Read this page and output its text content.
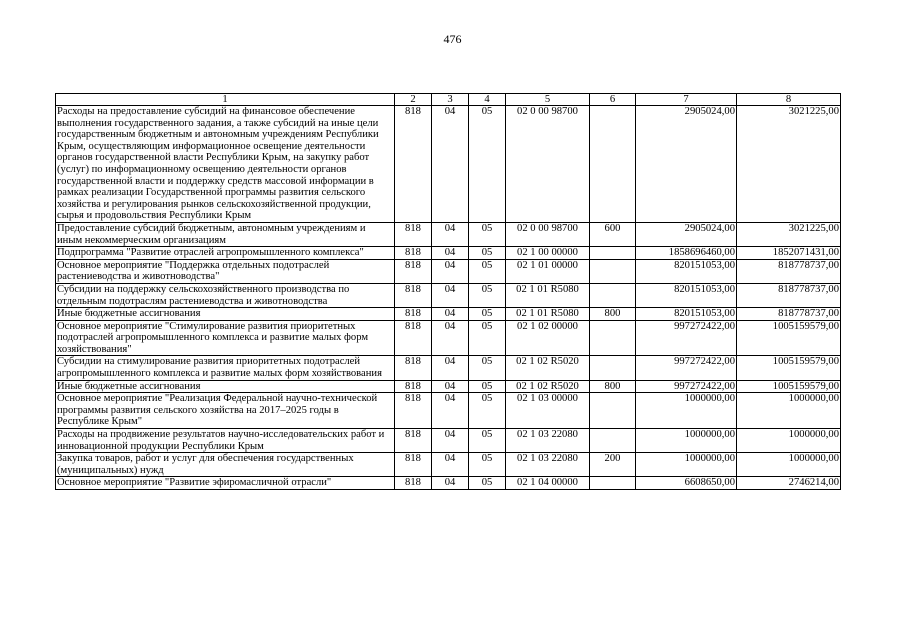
476
1	2	3	4	5	6	7	8
Расходы на предоставление субсидий на финансовое обеспечение выполнения государственного задания, а также субсидий на иные цели государственным бюджетным и автономным учреждениям Республики Крым, осуществляющим информационное освещение деятельности органов государственной власти Республики Крым, на закупку работ (услуг) по информационному освещению деятельности органов государственной власти и поддержку средств массовой информации в рамках реализации Государственной программы развития сельского хозяйства и регулирования рынков сельскохозяйственной продукции, сырья и продовольствия Республики Крым	818	04	05	02 0 00 98700		2905024,00	3021225,00
Предоставление субсидий бюджетным, автономным учреждениям и иным некоммерческим организациям	818	04	05	02 0 00 98700	600	2905024,00	3021225,00
Подпрограмма "Развитие отраслей агропромышленного комплекса"	818	04	05	02 1 00 00000		1858696460,00	1852071431,00
Основное мероприятие "Поддержка отдельных подотраслей растениеводства и животноводства"	818	04	05	02 1 01 00000		820151053,00	818778737,00
Субсидии на поддержку сельскохозяйственного производства по отдельным подотраслям растениеводства и животноводства	818	04	05	02 1 01 R5080		820151053,00	818778737,00
Иные бюджетные ассигнования	818	04	05	02 1 01 R5080	800	820151053,00	818778737,00
Основное мероприятие "Стимулирование развития приоритетных подотраслей агропромышленного комплекса и развитие малых форм хозяйствования"	818	04	05	02 1 02 00000		997272422,00	1005159579,00
Субсидии на стимулирование развития приоритетных подотраслей агропромышленного комплекса и развитие малых форм хозяйствования	818	04	05	02 1 02 R5020		997272422,00	1005159579,00
Иные бюджетные ассигнования	818	04	05	02 1 02 R5020	800	997272422,00	1005159579,00
Основное мероприятие "Реализация Федеральной научно-технической программы развития сельского хозяйства на 2017–2025 годы в Республике Крым"	818	04	05	02 1 03 00000		1000000,00	1000000,00
Расходы на продвижение результатов научно-исследовательских работ и инновационной продукции Республики Крым	818	04	05	02 1 03 22080		1000000,00	1000000,00
Закупка товаров, работ и услуг для обеспечения государственных (муниципальных) нужд	818	04	05	02 1 03 22080	200	1000000,00	1000000,00
Основное мероприятие "Развитие эфиромасличной отрасли"	818	04	05	02 1 04 00000		6608650,00	2746214,00
